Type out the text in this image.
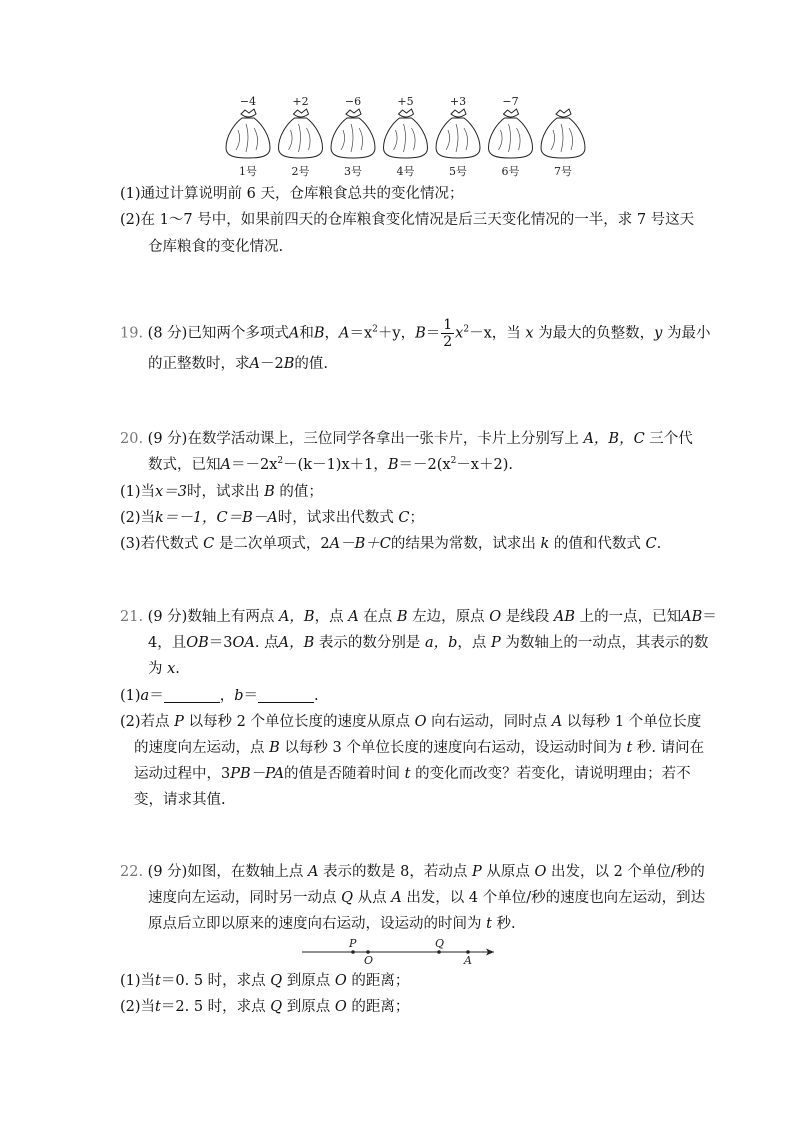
−4
1号
+2
2号
−6
3号
+5
4号
+3
5号
−7
6号	7号
(1)通过计算说明前 6 天，仓库粮食总共的变化情况；
(2)在 1～7 号中，如果前四天的仓库粮食变化情况是后三天变化情况的一半，求 7 号这天
仓库粮食的变化情况.
19. (8 分)已知两个多项式A和B，$A=x^2+y$，$B= \frac{1}{2} x^2-x$，当 x 为最大的负整数，y 为最小
的正整数时，求A－2B的值.
20. (9 分)在数学活动课上，三位同学各拿出一张卡片，卡片上分别写上 A，B，C 三个代
数式，已知$A=-2x^2-(k-1)x+1$，$B=-2(x^2-x+2)$.
(1)当x＝3时，试求出 B 的值；
(2)当k＝－1，C＝B－A时，试求出代数式 C；
(3)若代数式 C 是二次单项式，2A－B＋C的结果为常数，试求出 k 的值和代数式 C.
21. (9 分)数轴上有两点 A，B，点 A 在点 B 左边，原点 O 是线段 AB 上的一点，已知AB＝
4，且OB＝3OA. 点A，B 表示的数分别是 a，b，点 P 为数轴上的一动点，其表示的数
为 x.
(1)a＝	，b＝	.
(2)若点 P 以每秒 2 个单位长度的速度从原点 O 向右运动，同时点 A 以每秒 1 个单位长度
的速度向左运动，点 B 以每秒 3 个单位长度的速度向右运动，设运动时间为 t 秒. 请问在
运动过程中，3PB－PA的值是否随着时间 t 的变化而改变？若变化，请说明理由；若不
变，请求其值.
22. (9 分)如图，在数轴上点 A 表示的数是 8，若动点 P 从原点 O 出发，以 2 个单位/秒的
速度向左运动，同时另一动点 Q 从点 A 出发，以 4 个单位/秒的速度也向左运动，到达
原点后立即以原来的速度向右运动，设运动的时间为 t 秒.
P
O
Q
A
(1)当t＝0. 5 时，求点 Q 到原点 O 的距离；
(2)当t＝2. 5 时，求点 Q 到原点 O 的距离；
